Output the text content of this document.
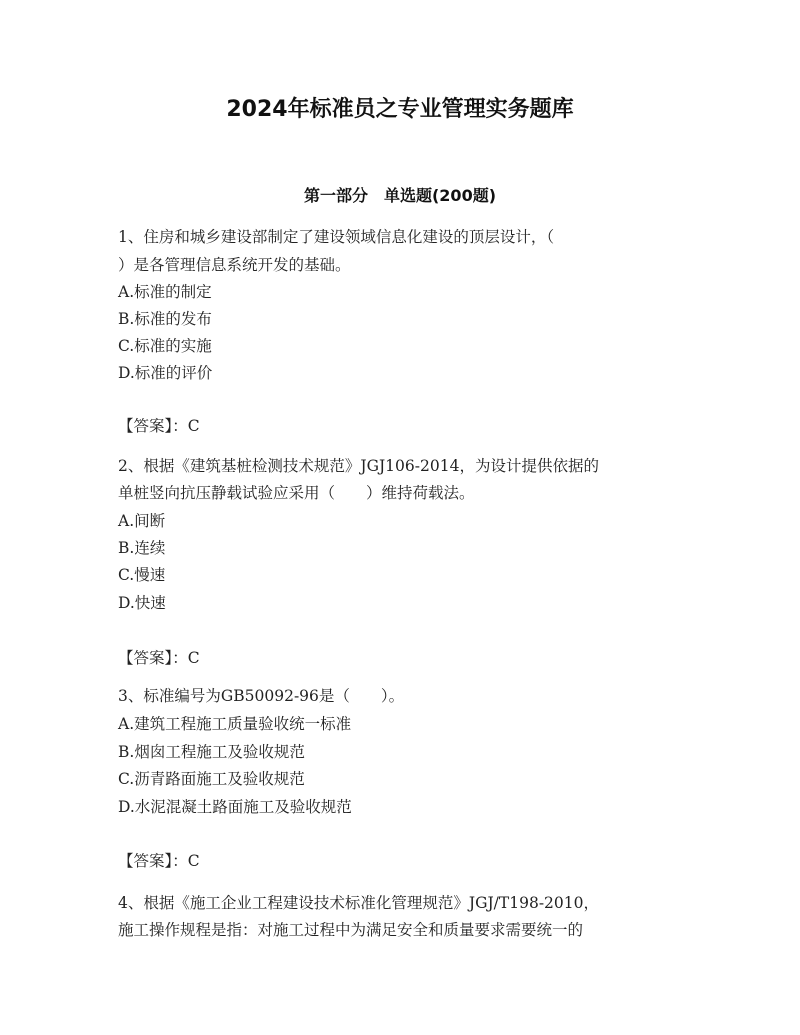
2024年标准员之专业管理实务题库
第一部分　单选题(200题)
1、住房和城乡建设部制定了建设领域信息化建设的顶层设计，（
）是各管理信息系统开发的基础。
A.标准的制定
B.标准的发布
C.标准的实施
D.标准的评价
【答案】：C
2、根据《建筑基桩检测技术规范》JGJ106-2014，为设计提供依据的
单桩竖向抗压静载试验应采用（　　）维持荷载法。
A.间断
B.连续
C.慢速
D.快速
【答案】：C
3、标准编号为GB50092-96是（　　）。
A.建筑工程施工质量验收统一标准
B.烟囱工程施工及验收规范
C.沥青路面施工及验收规范
D.水泥混凝土路面施工及验收规范
【答案】：C
4、根据《施工企业工程建设技术标准化管理规范》JGJ/T198-2010，
施工操作规程是指：对施工过程中为满足安全和质量要求需要统一的
